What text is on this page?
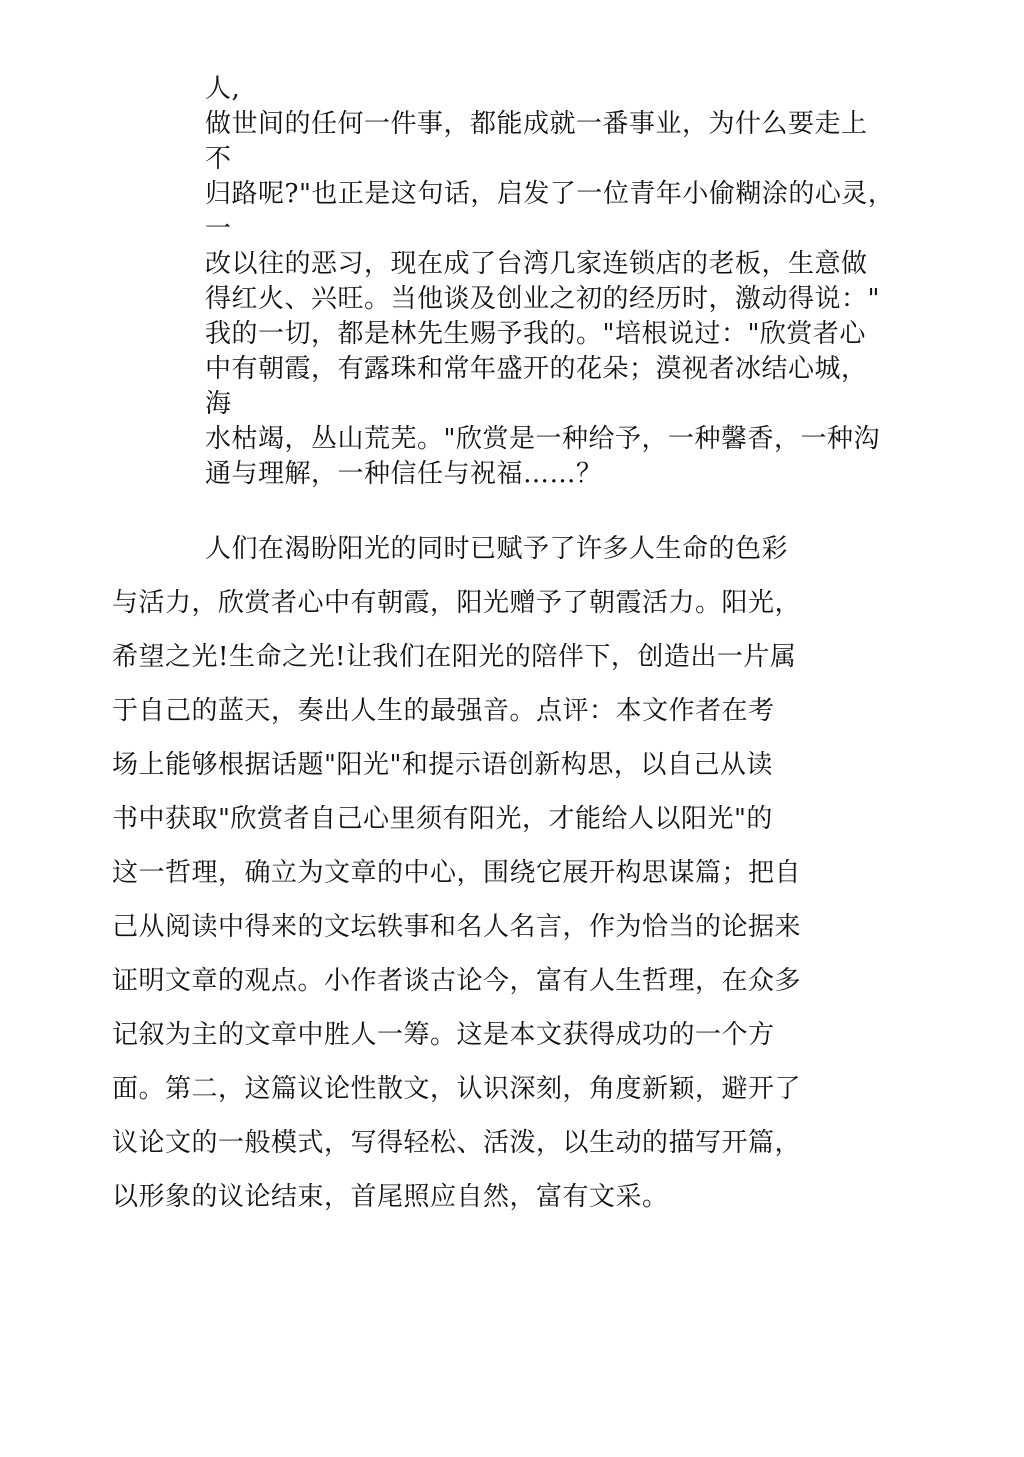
人,
做世间的任何一件事，都能成就一番事业，为什么要走上
不
归路呢?"也正是这句话，启发了一位青年小偷糊涂的心灵，
一
改以往的恶习，现在成了台湾几家连锁店的老板，生意做
得红火、兴旺。当他谈及创业之初的经历时，激动得说："
我的一切，都是林先生赐予我的。"培根说过："欣赏者心
中有朝霞，有露珠和常年盛开的花朵；漠视者冰结心城，
海
水枯竭，丛山荒芜。"欣赏是一种给予，一种馨香，一种沟
通与理解，一种信任与祝福……？
人们在渴盼阳光的同时已赋予了许多人生命的色彩
与活力，欣赏者心中有朝霞，阳光赠予了朝霞活力。阳光，
希望之光!生命之光!让我们在阳光的陪伴下，创造出一片属
于自己的蓝天，奏出人生的最强音。点评：本文作者在考
场上能够根据话题"阳光"和提示语创新构思，以自己从读
书中获取"欣赏者自己心里须有阳光，才能给人以阳光"的
这一哲理，确立为文章的中心，围绕它展开构思谋篇；把自
己从阅读中得来的文坛轶事和名人名言，作为恰当的论据来
证明文章的观点。小作者谈古论今，富有人生哲理，在众多
记叙为主的文章中胜人一筹。这是本文获得成功的一个方
面。第二，这篇议论性散文，认识深刻，角度新颖，避开了
议论文的一般模式，写得轻松、活泼，以生动的描写开篇，
以形象的议论结束，首尾照应自然，富有文采。
